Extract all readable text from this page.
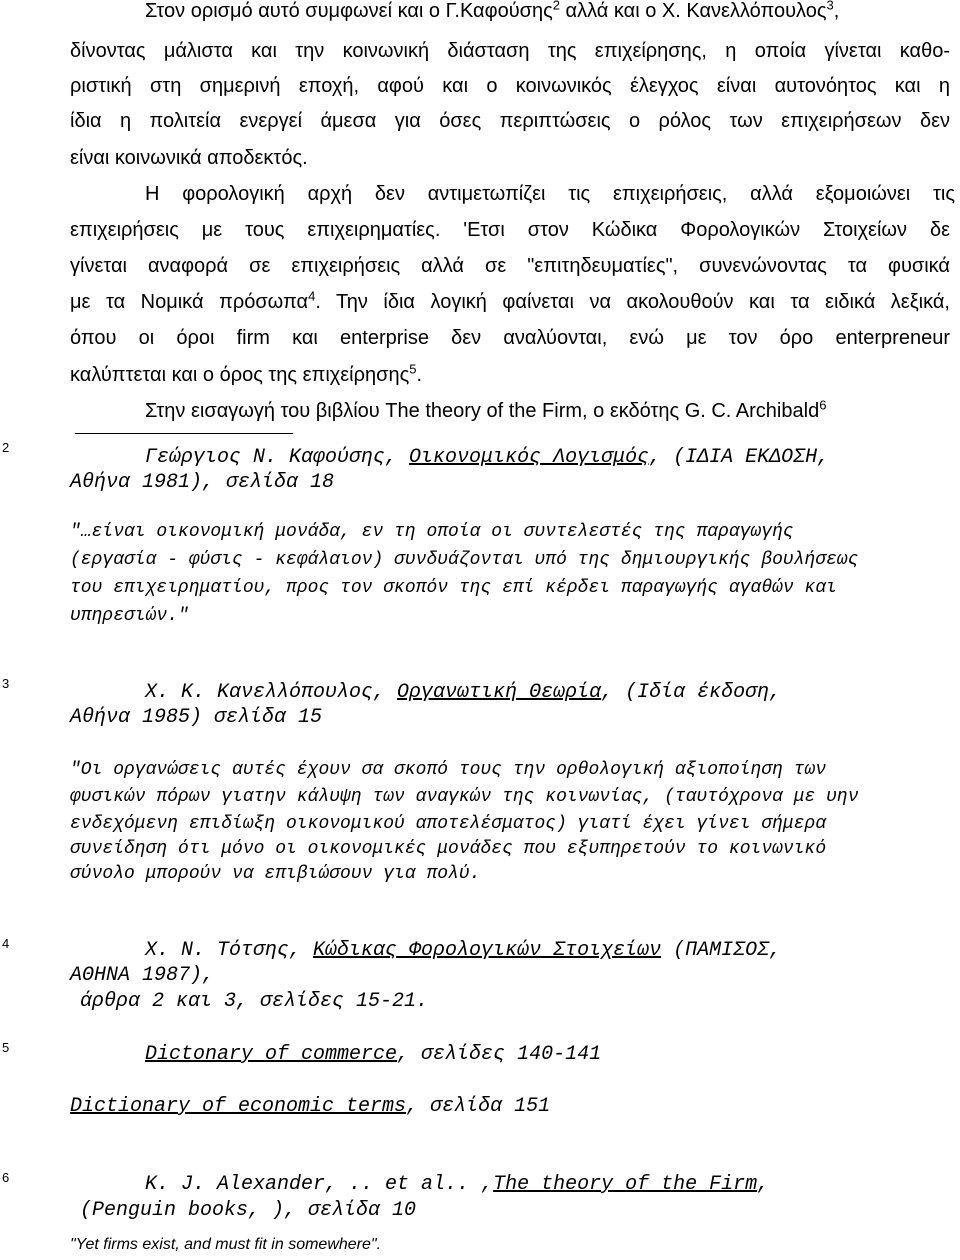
Στον ορισμό αυτό συμφωνεί και ο Γ.Καφούσης$^2$ αλλά και ο Χ. Κανελλόπουλος$^3$,
δίνοντας μάλιστα και την κοινωνική διάσταση της επιχείρησης, η οποία γίνεται καθο-
ριστική στη σημερινή εποχή, αφού και ο κοινωνικός έλεγχος είναι αυτονόητος και η
ίδια η πολιτεία ενεργεί άμεσα για όσες περιπτώσεις ο ρόλος των επιχειρήσεων δεν
είναι κοινωνικά αποδεκτός.
Η φορολογική αρχή δεν αντιμετωπίζει τις επιχειρήσεις, αλλά εξομοιώνει τις
επιχειρήσεις με τους επιχειρηματίες. 'Ετσι στον Κώδικα Φορολογικών Στοιχείων δε
γίνεται αναφορά σε επιχειρήσεις αλλά σε "επιτηδευματίες", συνενώνοντας τα φυσικά
με τα Νομικά πρόσωπα$^4$. Την ίδια λογική φαίνεται να ακολουθούν και τα ειδικά λεξικά,
όπου οι όροι firm και enterprise δεν αναλύονται, ενώ με τον όρο enterpreneur
καλύπτεται και ο όρος της επιχείρησης$^5$.
Στην εισαγωγή του βιβλίου The theory of the Firm, ο εκδότης G. C. Archibald$^6$
2	Γεώργιος Ν. Καφούσης, Οικονομικός Λογισμός, (ΙΔΙΑ ΕΚΔΟΣΗ,
Αθήνα 1981), σελίδα 18
"…είναι οικονομική μονάδα, εν τη οποία οι συντελεστές της παραγωγής
(εργασία - φύσις - κεφάλαιον) συνδυάζονται υπό της δημιουργικής βουλήσεως
του επιχειρηματίου, προς τον σκοπόν της επί κέρδει παραγωγής αγαθών και
υπηρεσιών."
3	Χ. Κ. Κανελλόπουλος, Οργανωτική Θεωρία, (Ιδία έκδοση,
Αθήνα 1985) σελίδα 15
"Οι οργανώσεις αυτές έχουν σα σκοπό τους την ορθολογική αξιοποίηση των
φυσικών πόρων γιατην κάλυψη των αναγκών της κοινωνίας, (ταυτόχρονα με υην
ενδεχόμενη επιδίωξη οικονομικού αποτελέσματος) γιατί έχει γίνει σήμερα
συνείδηση ότι μόνο οι οικονομικές μονάδες που εξυπηρετούν το κοινωνικό
σύνολο μπορούν να επιβιώσουν για πολύ.
4	Χ. Ν. Τότσης, Κώδικας Φορολογικών Στοιχείων (ΠΑΜΙΣΟΣ,
ΑΘΗΝΑ 1987),
άρθρα 2 και 3, σελίδες 15-21.
5	Dictonary of commerce, σελίδες 140-141
Dictionary of economic terms, σελίδα 151
6	K. J. Alexander, .. et al.. ,The theory of the Firm,
(Penguin books, ), σελίδα 10
"Yet firms exist, and must fit in somewhere".
